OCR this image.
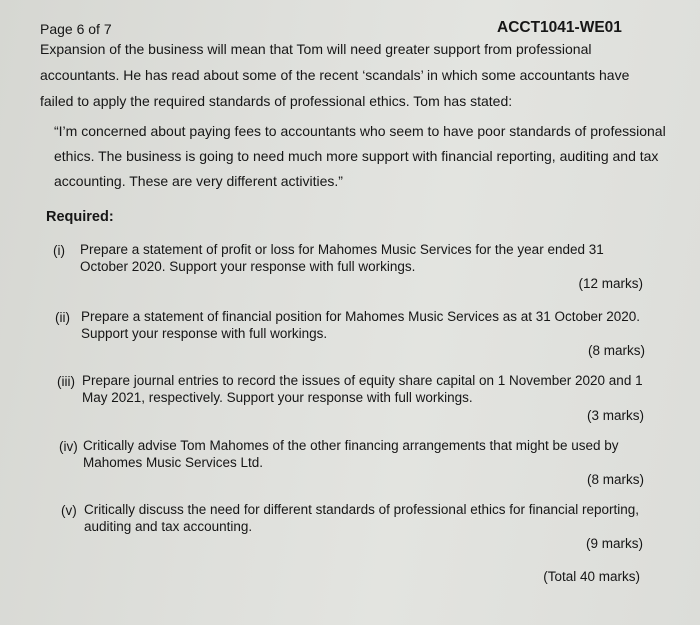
Page 6 of 7	ACCT1041-WE01
Expansion of the business will mean that Tom will need greater support from professional
accountants. He has read about some of the recent ‘scandals’ in which some accountants have
failed to apply the required standards of professional ethics. Tom has stated:
“I’m concerned about paying fees to accountants who seem to have poor standards of professional
ethics. The business is going to need much more support with financial reporting, auditing and tax
accounting. These are very different activities.”
Required:
(i) Prepare a statement of profit or loss for Mahomes Music Services for the year ended 31
October 2020. Support your response with full workings.
(12 marks)
(ii) Prepare a statement of financial position for Mahomes Music Services as at 31 October 2020.
Support your response with full workings.
(8 marks)
(iii) Prepare journal entries to record the issues of equity share capital on 1 November 2020 and 1
May 2021, respectively. Support your response with full workings.
(3 marks)
(iv) Critically advise Tom Mahomes of the other financing arrangements that might be used by
Mahomes Music Services Ltd.
(8 marks)
(v) Critically discuss the need for different standards of professional ethics for financial reporting,
auditing and tax accounting.
(9 marks)
(Total 40 marks)
